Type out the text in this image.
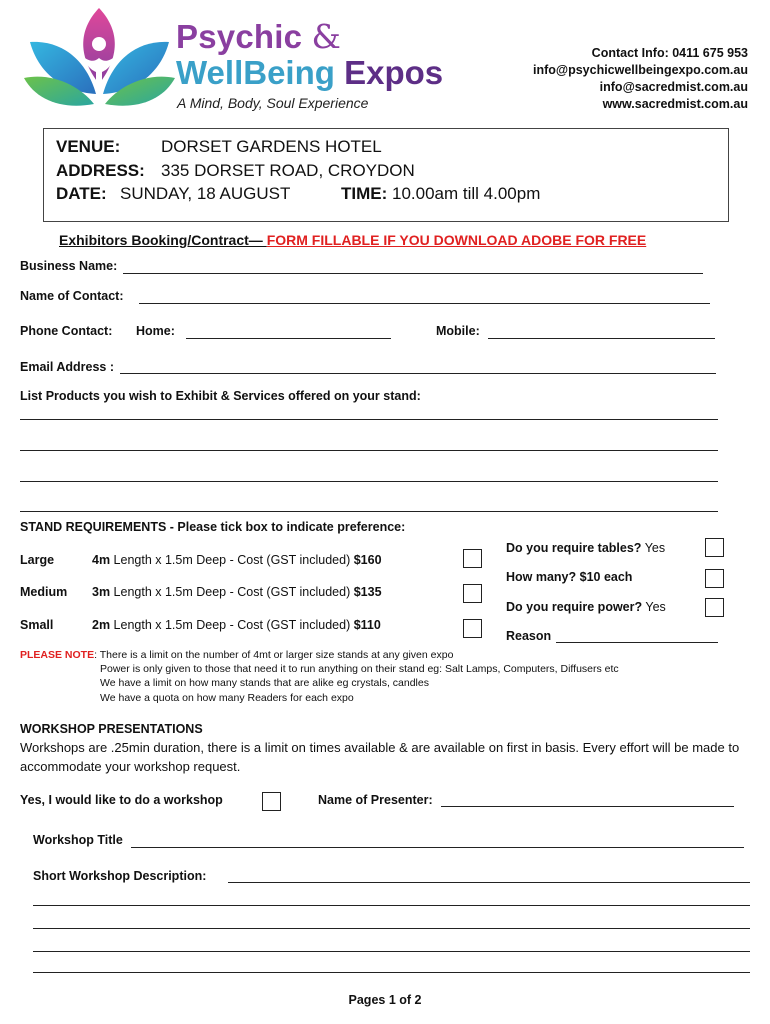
Psychic &
WellBeing Expos
A Mind, Body, Soul Experience
Contact Info: 0411 675 953
info@psychicwellbeingexpo.com.au
info@sacredmist.com.au
www.sacredmist.com.au
VENUE: DORSET GARDENS HOTEL
ADDRESS: 335 DORSET ROAD, CROYDON
DATE: SUNDAY, 18 AUGUST	TIME: 10.00am till 4.00pm
Exhibitors Booking/Contract— FORM FILLABLE IF YOU DOWNLOAD ADOBE FOR FREE
Business Name:
Name of Contact:
Phone Contact: Home:	Mobile:
Email Address :
List Products you wish to Exhibit & Services offered on your stand:
STAND REQUIREMENTS - Please tick box to indicate preference:
Large	4m Length x 1.5m Deep - Cost (GST included) $160
Medium 3m Length x 1.5m Deep - Cost (GST included) $135
Small	2m Length x 1.5m Deep - Cost (GST included) $110
Do you require tables? Yes
How many? $10 each
Do you require power? Yes
Reason
PLEASE NOTE: There is a limit on the number of 4mt or larger size stands at any given expo
Power is only given to those that need it to run anything on their stand eg: Salt Lamps, Computers, Diffusers etc
We have a limit on how many stands that are alike eg crystals, candles
We have a quota on how many Readers for each expo
WORKSHOP PRESENTATIONS
Workshops are .25min duration, there is a limit on times available & are available on first in basis. Every effort will be made to accommodate your workshop request.
Yes, I would like to do a workshop	Name of Presenter:
Workshop Title
Short Workshop Description:
Pages 1 of 2
